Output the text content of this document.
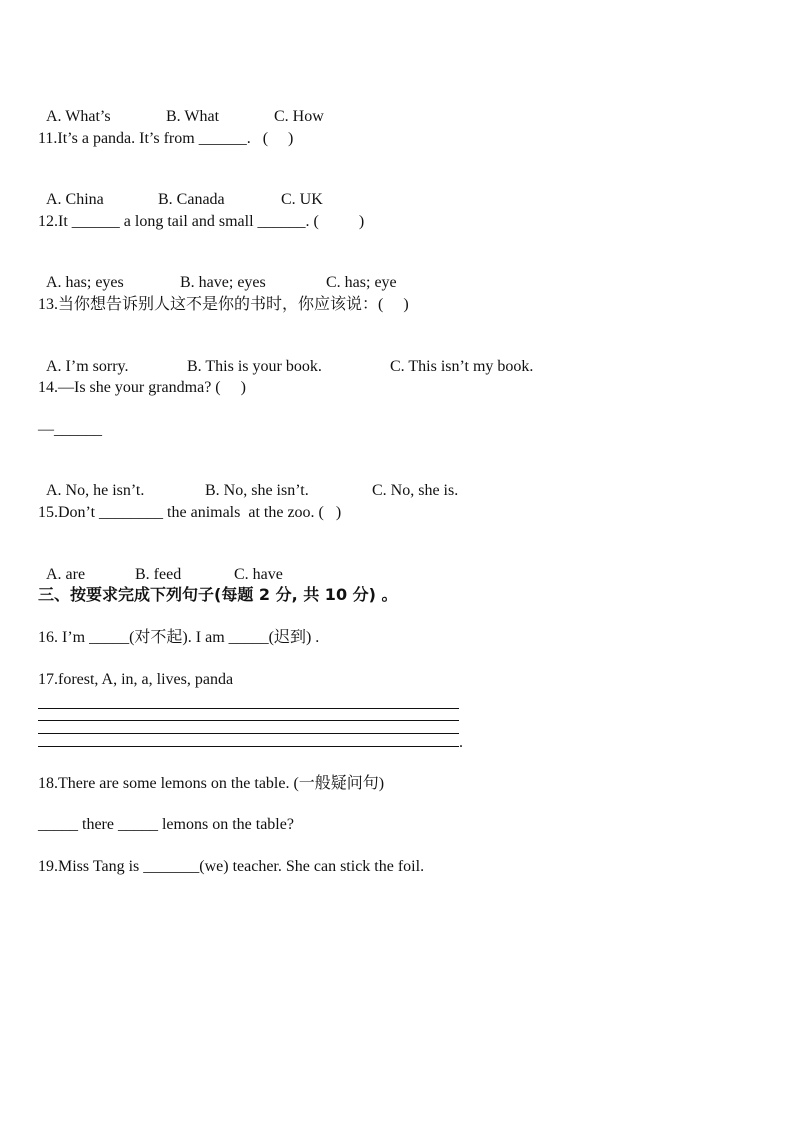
A. What’s	B. What	C. How

11.It’s a panda. It’s from ______.   (     )

A. China	B. Canada	C. UK

12.It ______ a long tail and small ______. (          )

A. has; eyes	B. have; eyes	C. has; eye

13.当你想告诉别人这不是你的书时，你应该说：(     )

A. I’m sorry.	B. This is your book.	C. This isn’t my book.

14.—Is she your grandma? (     )
—______

A. No, he isn’t.	B. No, she isn’t.	C. No, she is.

15.Don’t ________ the animals  at the zoo. (   )

A. are	B. feed	C. have

三、按要求完成下列句子(每题 2 分, 共 10 分) 。
16. I’m _____(对不起). I am _____(迟到) .
17.forest, A, in, a, lives, panda
.
18.There are some lemons on the table. (一般疑问句)
_____ there _____ lemons on the table?
19.Miss Tang is _______(we) teacher. She can stick the foil.
